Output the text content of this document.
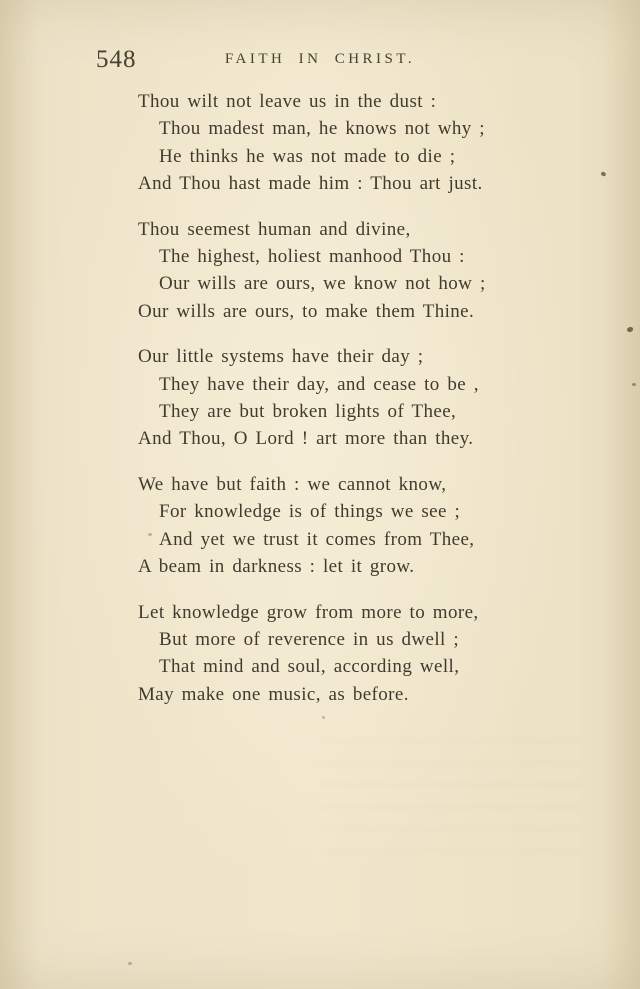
548	FAITH IN CHRIST.

Thou wilt not leave us in the dust :

Thou madest man, he knows not why ;

He thinks he was not made to die ;

And Thou hast made him : Thou art just.

Thou seemest human and divine,

The highest, holiest manhood Thou :

Our wills are ours, we know not how ;

Our wills are ours, to make them Thine.

Our little systems have their day ;

They have their day, and cease to be ,

They are but broken lights of Thee,

And Thou, O Lord ! art more than they.

We have but faith : we cannot know,

For knowledge is of things we see ;

And yet we trust it comes from Thee,

A beam in darkness : let it grow.

Let knowledge grow from more to more,

But more of reverence in us dwell ;

That mind and soul, according well,

May make one music, as before.
